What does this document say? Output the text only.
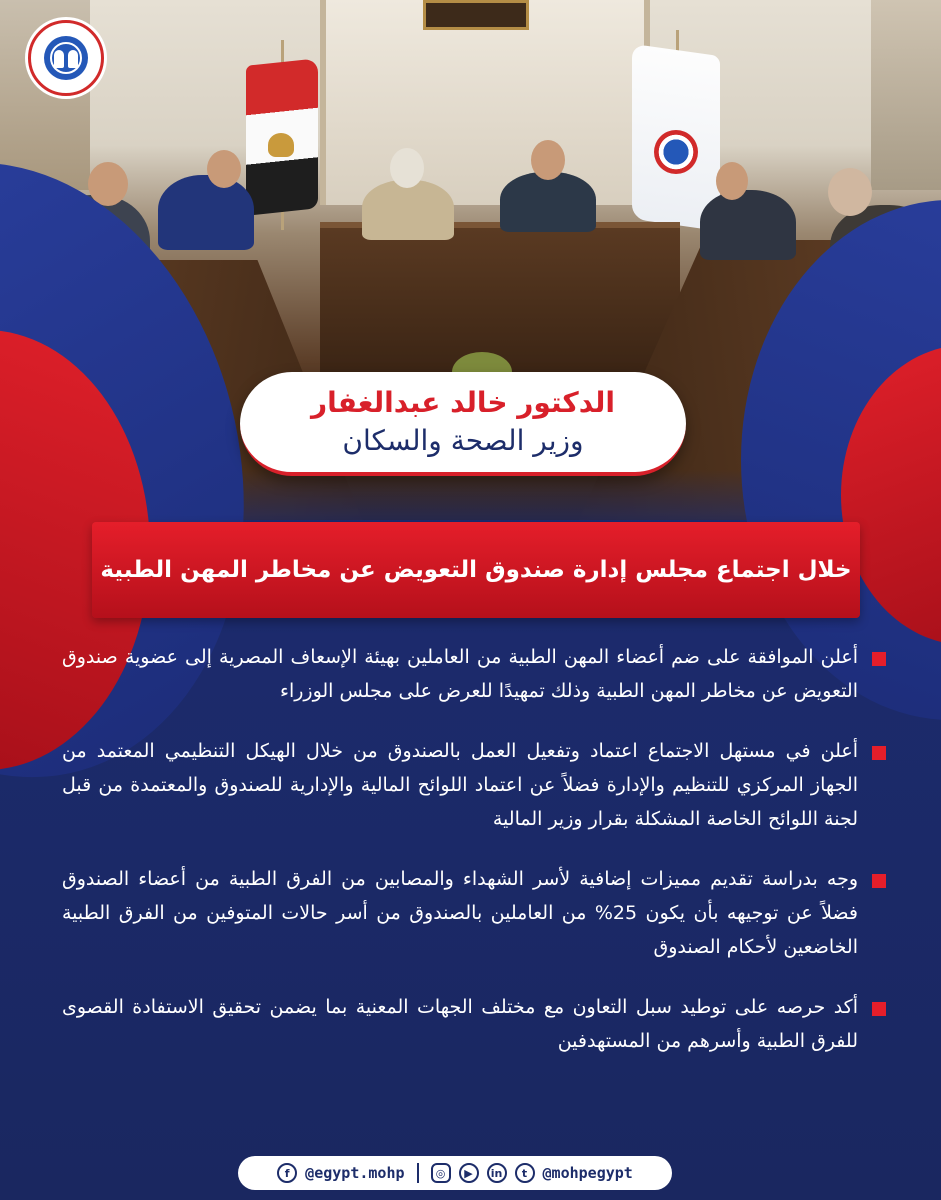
الدكتور خالد عبدالغفار
وزير الصحة والسكان
خلال اجتماع مجلس إدارة صندوق التعويض عن مخاطر المهن الطبية
أعلن الموافقة على ضم أعضاء المهن الطبية من العاملين بهيئة الإسعاف المصرية إلى عضوية صندوق التعويض عن مخاطر المهن الطبية وذلك تمهيدًا للعرض على مجلس الوزراء
أعلن في مستهل الاجتماع اعتماد وتفعيل العمل بالصندوق من خلال الهيكل التنظيمي المعتمد من الجهاز المركزي للتنظيم والإدارة فضلاً عن اعتماد اللوائح المالية والإدارية للصندوق والمعتمدة من قبل لجنة اللوائح الخاصة المشكلة بقرار وزير المالية
وجه بدراسة تقديم مميزات إضافية لأسر الشهداء والمصابين من الفرق الطبية من أعضاء الصندوق فضلاً عن توجيهه بأن يكون 25% من العاملين بالصندوق من أسر حالات المتوفين من الفرق الطبية الخاضعين لأحكام الصندوق
أكد حرصه على توطيد سبل التعاون مع مختلف الجهات المعنية بما يضمن تحقيق الاستفادة القصوى للفرق الطبية وأسرهم من المستهدفين
f	@egypt.mohp	◎	▶	in	t	@mohpegypt
